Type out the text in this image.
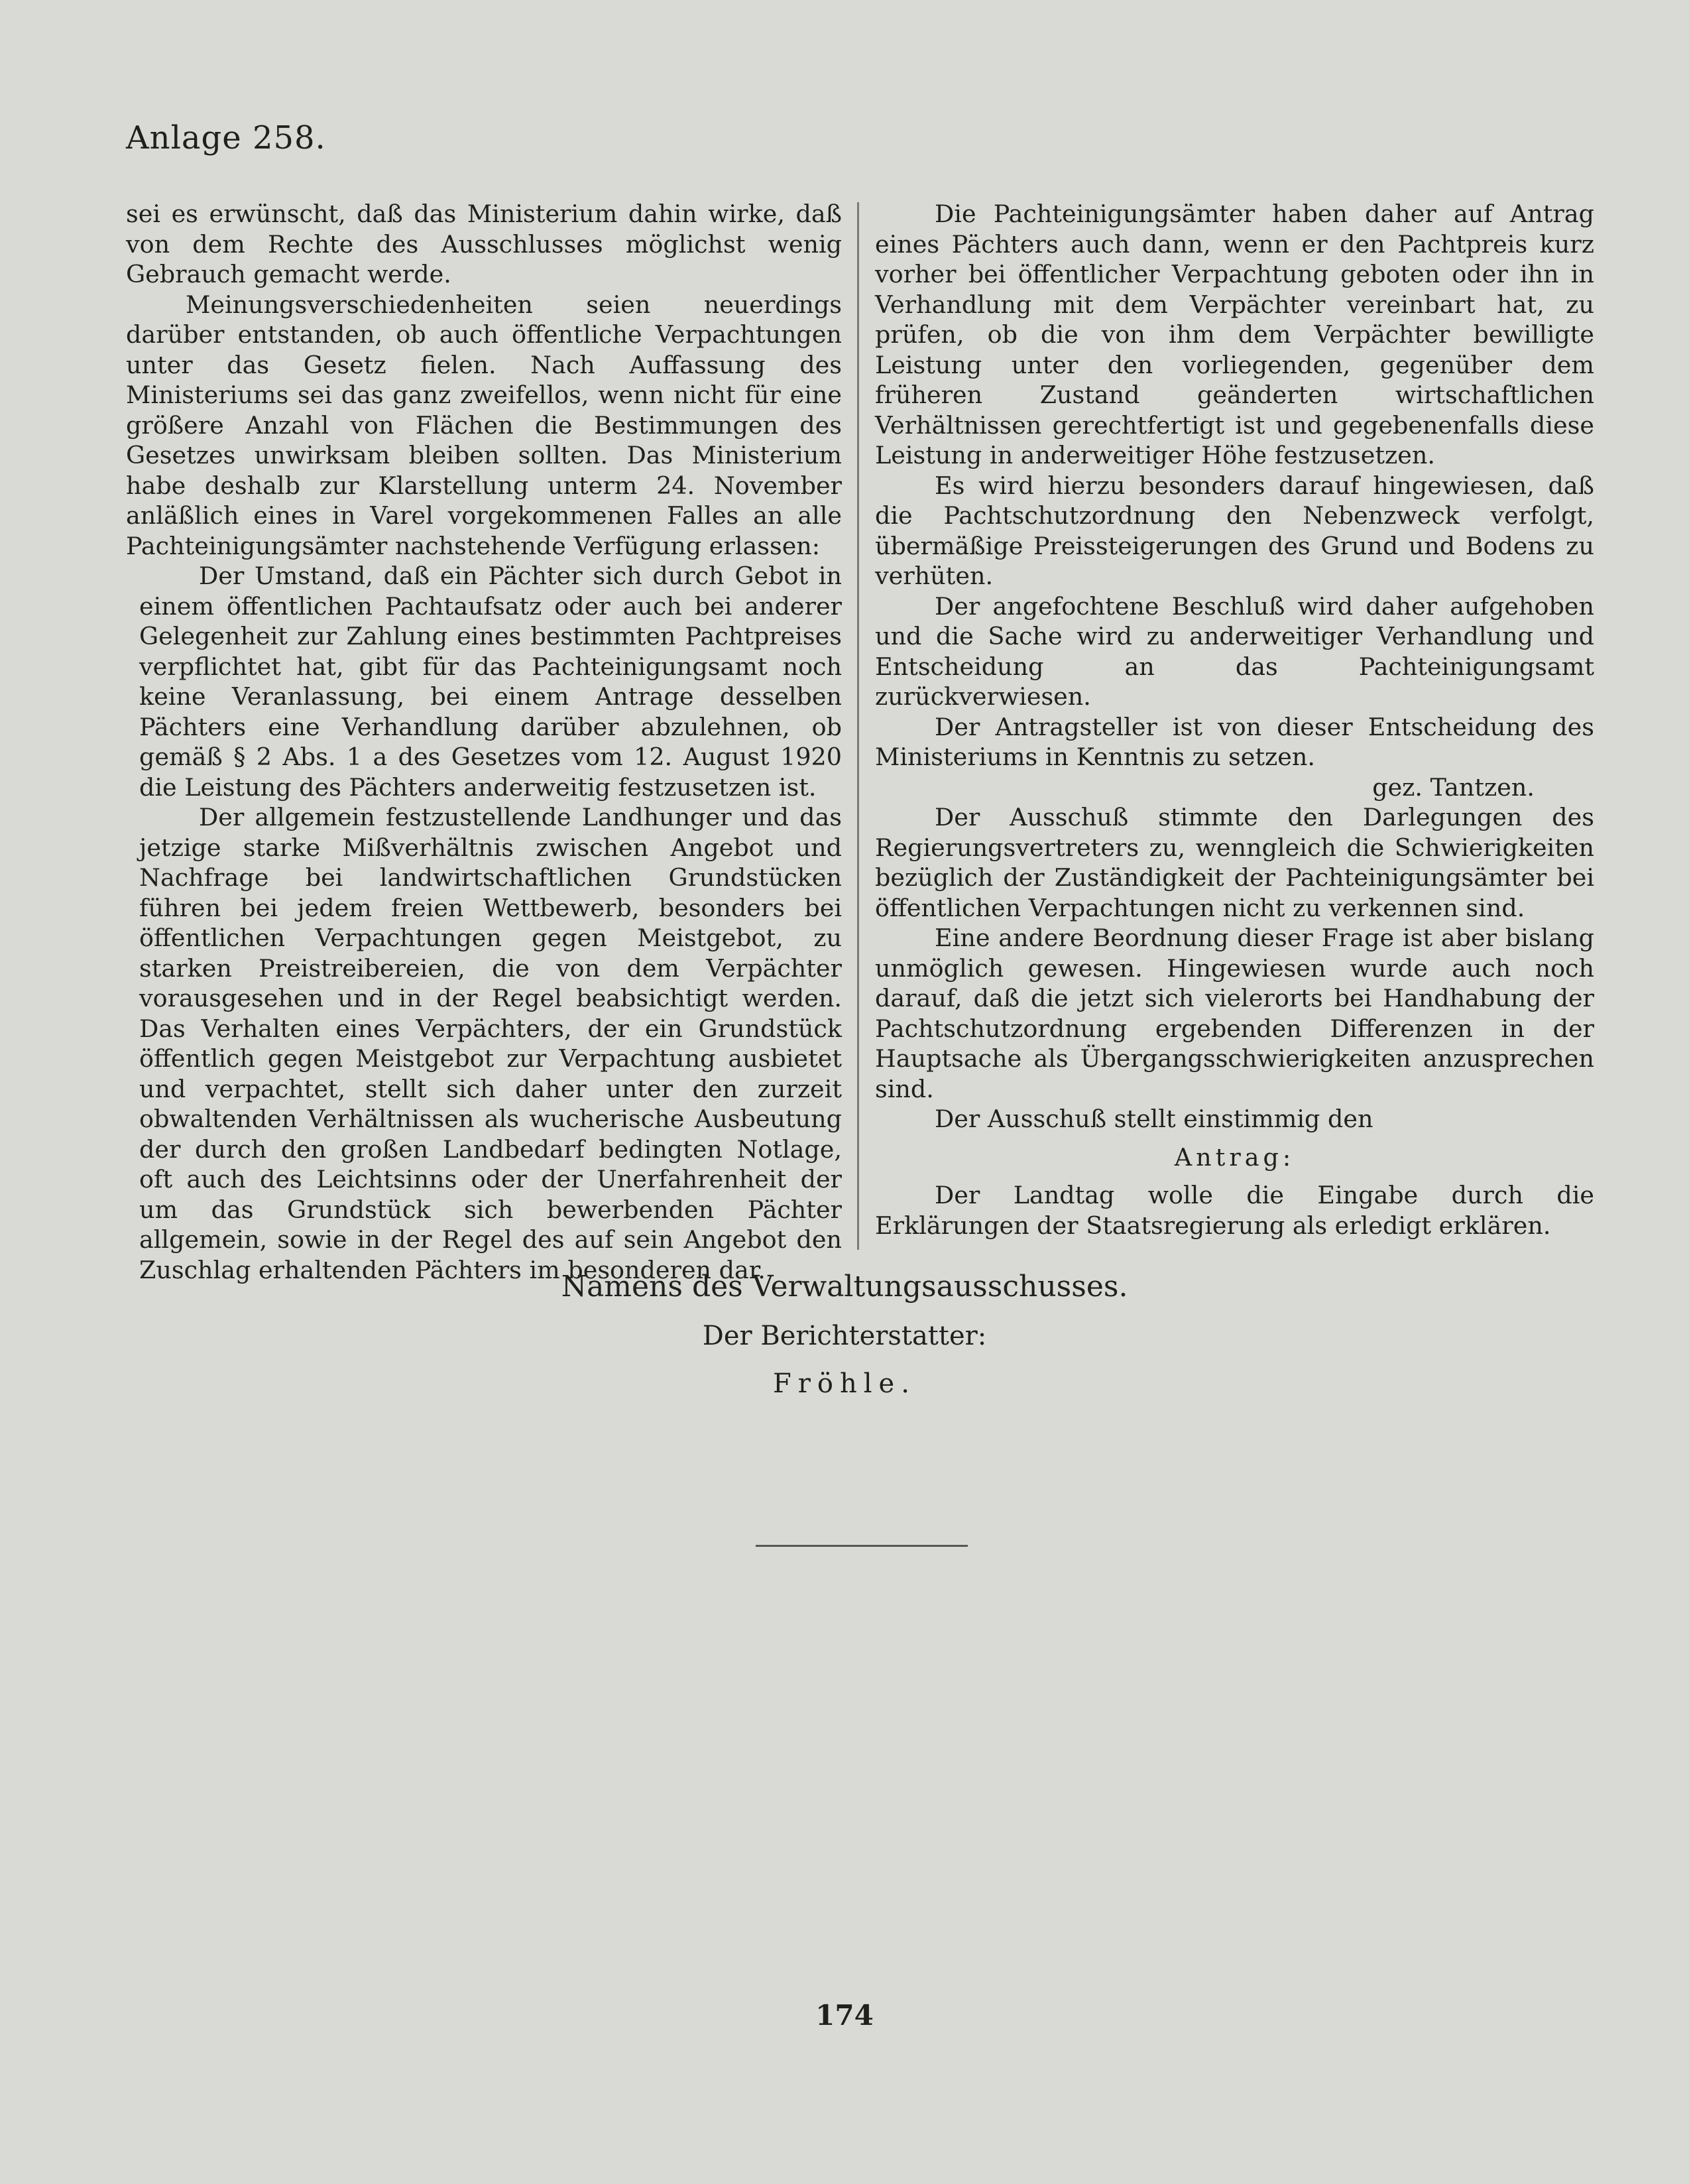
Anlage 258.

sei es erwünscht, daß das Ministerium dahin wirke, daß von dem Rechte des Ausschlusses möglichst wenig Gebrauch gemacht werde.

Meinungsverschiedenheiten seien neuerdings darüber entstanden, ob auch öffentliche Verpachtungen unter das Gesetz fielen. Nach Auffassung des Ministeriums sei das ganz zweifellos, wenn nicht für eine größere Anzahl von Flächen die Bestimmungen des Gesetzes unwirksam bleiben sollten. Das Ministerium habe deshalb zur Klarstellung unterm 24. November anläßlich eines in Varel vorgekommenen Falles an alle Pachteinigungsämter nachstehende Verfügung erlassen:

Der Umstand, daß ein Pächter sich durch Gebot in einem öffentlichen Pachtaufsatz oder auch bei anderer Gelegenheit zur Zahlung eines bestimmten Pachtpreises verpflichtet hat, gibt für das Pachteinigungsamt noch keine Veranlassung, bei einem Antrage desselben Pächters eine Verhandlung darüber abzulehnen, ob gemäß § 2 Abs. 1 a des Gesetzes vom 12. August 1920 die Leistung des Pächters anderweitig festzusetzen ist.

Der allgemein festzustellende Landhunger und das jetzige starke Mißverhältnis zwischen Angebot und Nachfrage bei landwirtschaftlichen Grundstücken führen bei jedem freien Wettbewerb, besonders bei öffentlichen Verpachtungen gegen Meistgebot, zu starken Preistreibereien, die von dem Verpächter vorausgesehen und in der Regel beabsichtigt werden. Das Verhalten eines Verpächters, der ein Grundstück öffentlich gegen Meistgebot zur Verpachtung ausbietet und verpachtet, stellt sich daher unter den zurzeit obwaltenden Verhältnissen als wucherische Ausbeutung der durch den großen Landbedarf bedingten Notlage, oft auch des Leichtsinns oder der Unerfahrenheit der um das Grundstück sich bewerbenden Pächter allgemein, sowie in der Regel des auf sein Angebot den Zuschlag erhaltenden Pächters im besonderen dar.

Die Pachteinigungsämter haben daher auf Antrag eines Pächters auch dann, wenn er den Pachtpreis kurz vorher bei öffentlicher Verpachtung geboten oder ihn in Verhandlung mit dem Verpächter vereinbart hat, zu prüfen, ob die von ihm dem Verpächter bewilligte Leistung unter den vorliegenden, gegenüber dem früheren Zustand geänderten wirtschaftlichen Verhältnissen gerechtfertigt ist und gegebenenfalls diese Leistung in anderweitiger Höhe festzusetzen.

Es wird hierzu besonders darauf hingewiesen, daß die Pachtschutzordnung den Nebenzweck verfolgt, übermäßige Preissteigerungen des Grund und Bodens zu verhüten.

Der angefochtene Beschluß wird daher aufgehoben und die Sache wird zu anderweitiger Verhandlung und Entscheidung an das Pachteinigungsamt zurückverwiesen.

Der Antragsteller ist von dieser Entscheidung des Ministeriums in Kenntnis zu setzen.

gez. Tantzen.

Der Ausschuß stimmte den Darlegungen des Regierungsvertreters zu, wenngleich die Schwierigkeiten bezüglich der Zuständigkeit der Pachteinigungsämter bei öffentlichen Verpachtungen nicht zu verkennen sind.

Eine andere Beordnung dieser Frage ist aber bislang unmöglich gewesen. Hingewiesen wurde auch noch darauf, daß die jetzt sich vielerorts bei Handhabung der Pachtschutzordnung ergebenden Differenzen in der Hauptsache als Übergangsschwierigkeiten anzusprechen sind.

Der Ausschuß stellt einstimmig den

Antrag:

Der Landtag wolle die Eingabe durch die Erklärungen der Staatsregierung als erledigt erklären.

Namens des Verwaltungsausschusses.
Der Berichterstatter:
Fröhle.
174
